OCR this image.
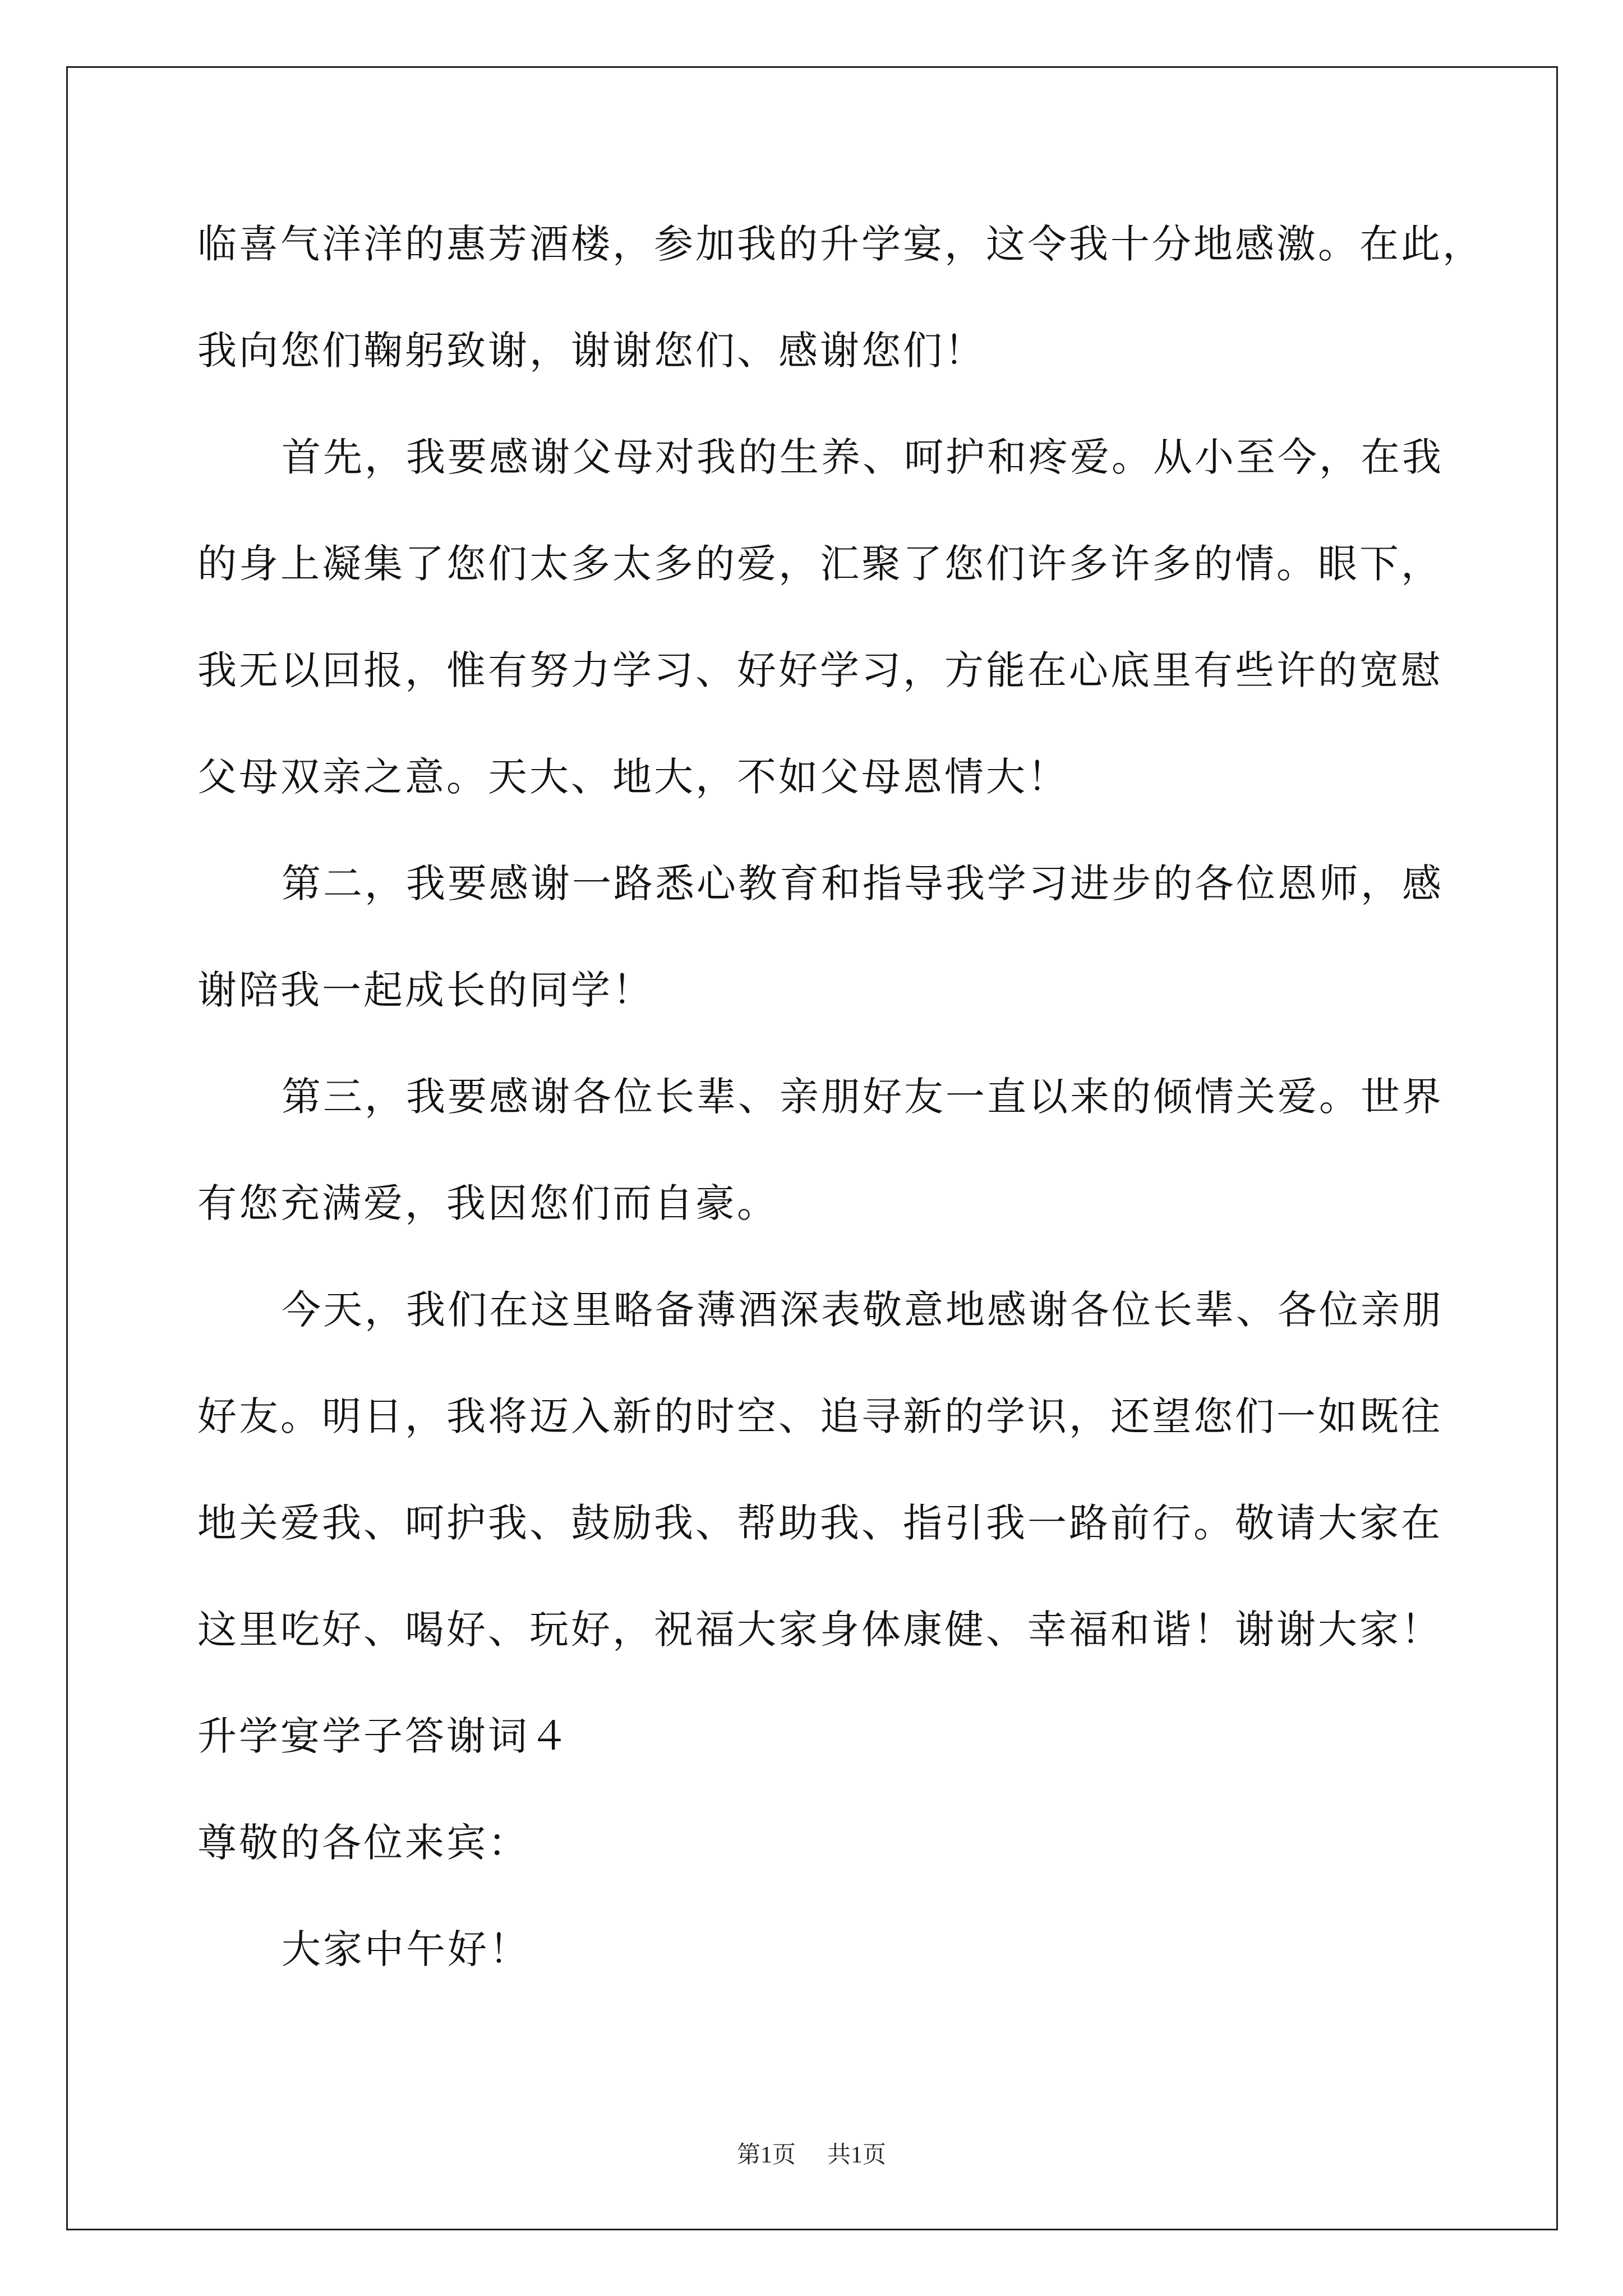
临喜气洋洋的惠芳酒楼，参加我的升学宴，这令我十分地感激。在此，
我向您们鞠躬致谢，谢谢您们、感谢您们！
首先，我要感谢父母对我的生养、呵护和疼爱。从小至今，在我
的身上凝集了您们太多太多的爱，汇聚了您们许多许多的情。眼下，
我无以回报，惟有努力学习、好好学习，方能在心底里有些许的宽慰
父母双亲之意。天大、地大，不如父母恩情大！
第二，我要感谢一路悉心教育和指导我学习进步的各位恩师，感
谢陪我一起成长的同学！
第三，我要感谢各位长辈、亲朋好友一直以来的倾情关爱。世界
有您充满爱，我因您们而自豪。
今天，我们在这里略备薄酒深表敬意地感谢各位长辈、各位亲朋
好友。明日，我将迈入新的时空、追寻新的学识，还望您们一如既往
地关爱我、呵护我、鼓励我、帮助我、指引我一路前行。敬请大家在
这里吃好、喝好、玩好，祝福大家身体康健、幸福和谐！谢谢大家！
升学宴学子答谢词４
尊敬的各位来宾：
大家中午好！
第1页 共1页
